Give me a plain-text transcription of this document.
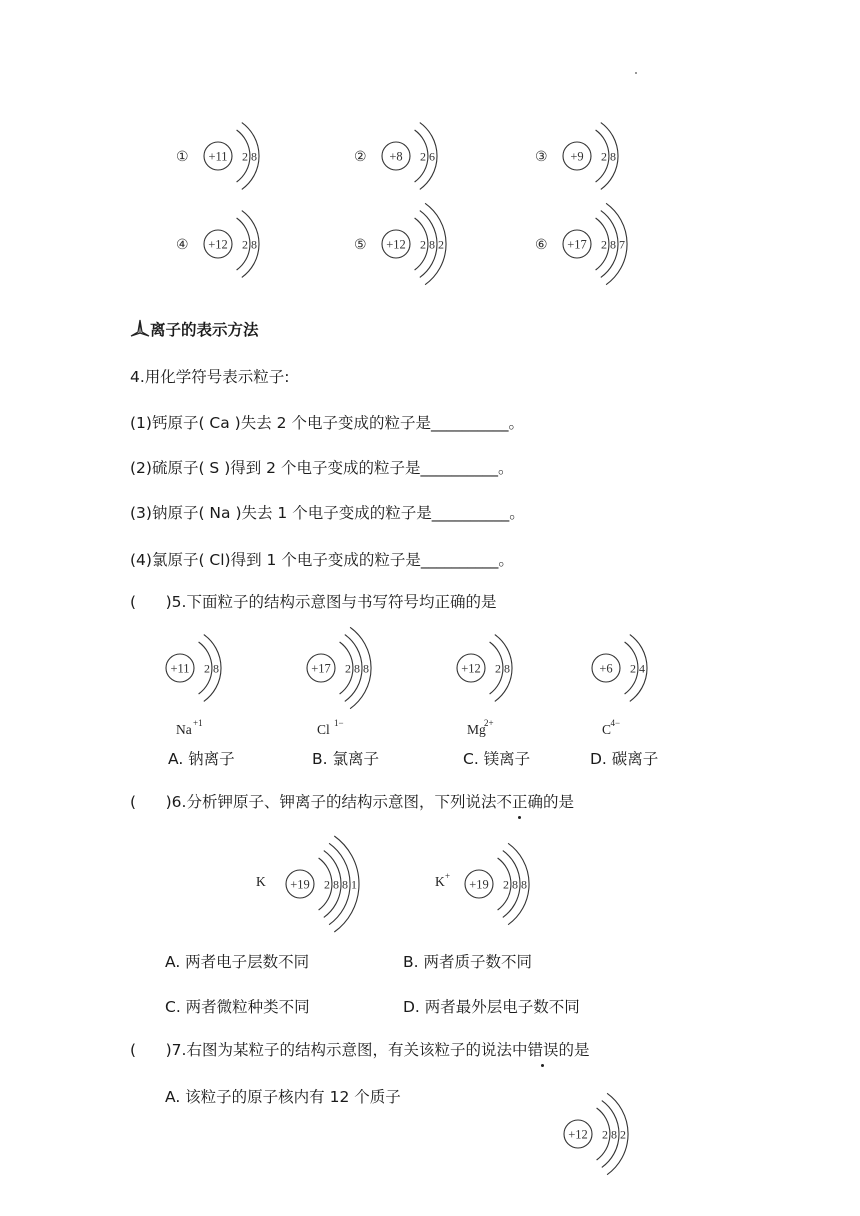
离子的表示方法
4.用化学符号表示粒子:
(1)钙原子( Ca )失去 2 个电子变成的粒子是__________。
(2)硫原子( S )得到 2 个电子变成的粒子是__________。
(3)钠原子( Na )失去 1 个电子变成的粒子是__________。
(4)氯原子( Cl)得到 1 个电子变成的粒子是__________。
(      )5.下面粒子的结构示意图与书写符号均正确的是
A. 钠离子	B. 氯离子	C. 镁离子	D. 碳离子
(      )6.分析钾原子、钾离子的结构示意图，下列说法不正确的是
A. 两者电子层数不同	B. 两者质子数不同
C. 两者微粒种类不同	D. 两者最外层电子数不同
(      )7.右图为某粒子的结构示意图，有关该粒子的说法中错误的是
A. 该粒子的原子核内有 12 个质子
① +11 2 8	② +8 2 6	③ +9 2 8
④ +12 2 8	⑤ +12 2 8 2	⑥ +17 2 8 7
+11 2 8
Na +1
+17 2 8 8
Cl 1−
+12 2 8
Mg
2+
+6 2 4
C 4−
K +19 2 8 8 1	K +
+19 2 8 8
+12 2 8 2
